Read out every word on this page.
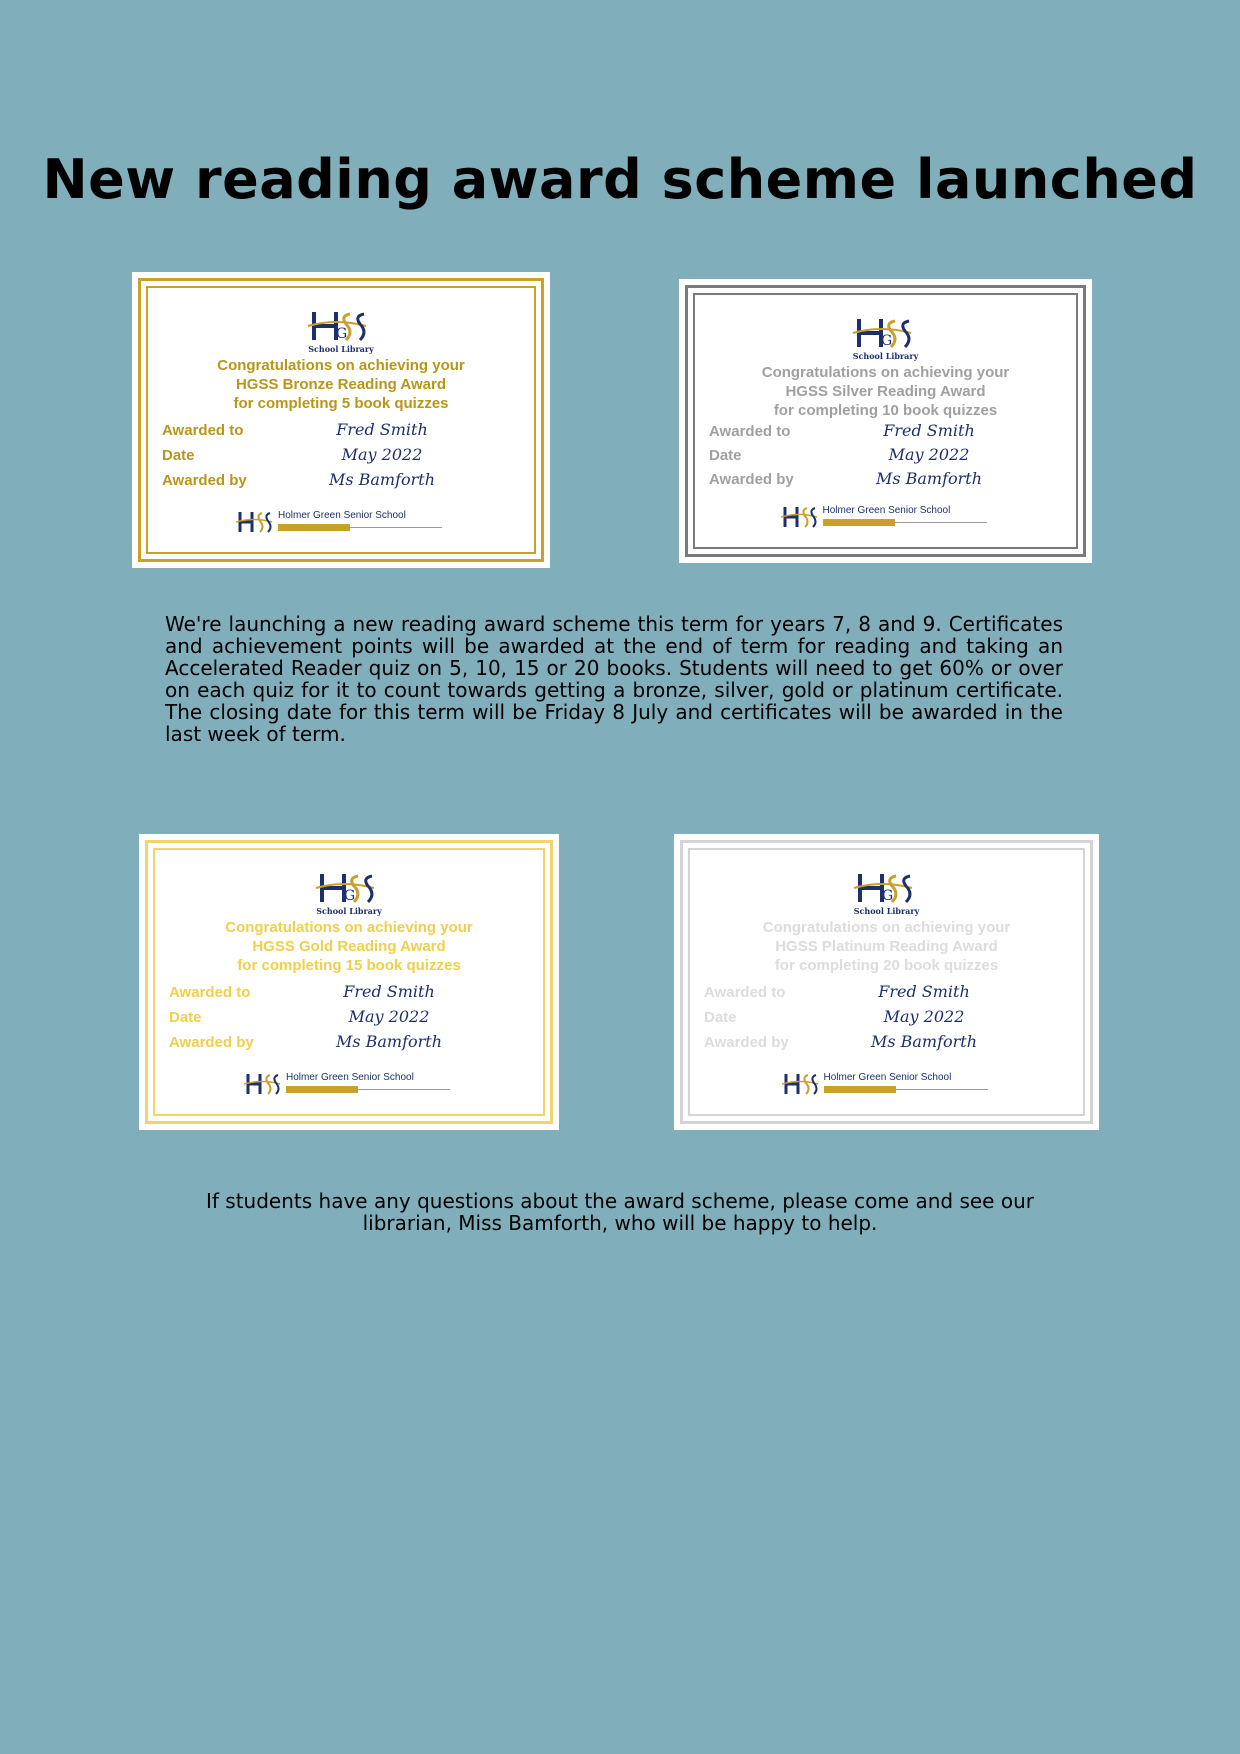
New reading award scheme launched
G
School Library
Congratulations on achieving your
HGSS Bronze Reading Award
for completing 5 book quizzes
Awarded to	Fred Smith
Date	May 2022
Awarded by	Ms Bamforth
Holmer Green Senior School
G
School Library
Congratulations on achieving your
HGSS Silver Reading Award
for completing 10 book quizzes
Awarded to	Fred Smith
Date	May 2022
Awarded by	Ms Bamforth
Holmer Green Senior School
G
School Library
Congratulations on achieving your
HGSS Gold Reading Award
for completing 15 book quizzes
Awarded to	Fred Smith
Date	May 2022
Awarded by	Ms Bamforth
Holmer Green Senior School
G
School Library
Congratulations on achieving your
HGSS Platinum Reading Award
for completing 20 book quizzes
Awarded to	Fred Smith
Date	May 2022
Awarded by	Ms Bamforth
Holmer Green Senior School
We're launching a new reading award scheme this term for years 7, 8 and 9. Certificates and achievement points will be awarded at the end of term for reading and taking an Accelerated Reader quiz on 5, 10, 15 or 20 books. Students will need to get 60% or over on each quiz for it to count towards getting a bronze, silver, gold or platinum certificate. The closing date for this term will be Friday 8 July and certificates will be awarded in the last week of term.
If students have any questions about the award scheme, please come and see our librarian, Miss Bamforth, who will be happy to help.
